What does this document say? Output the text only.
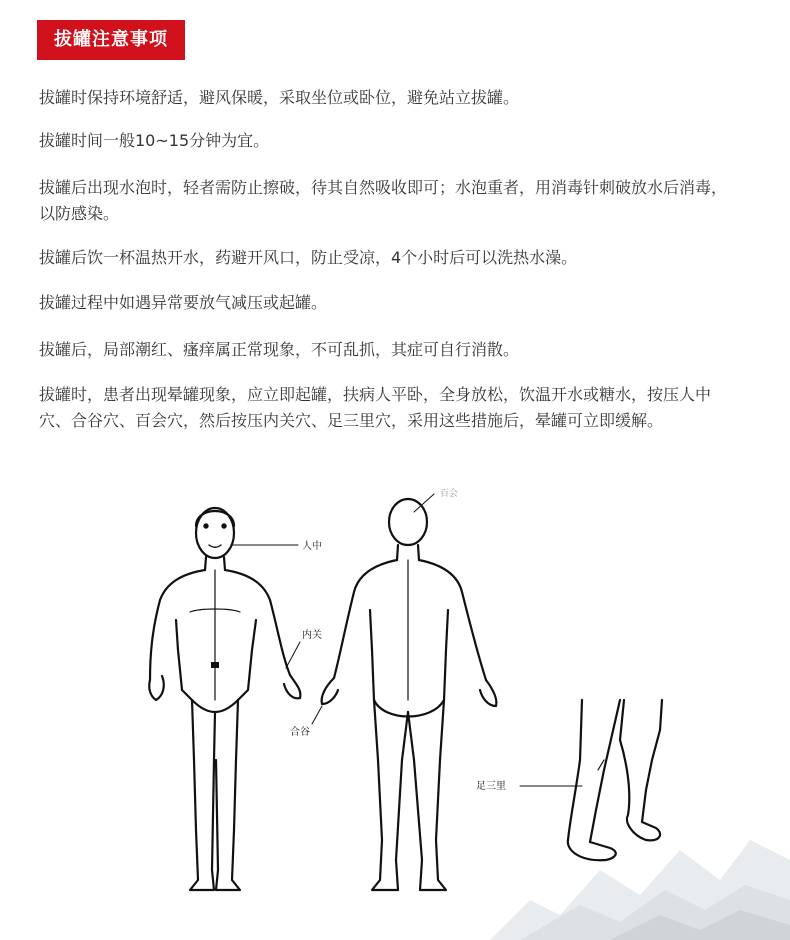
拔罐注意事项
拔罐时保持环境舒适，避风保暖，采取坐位或卧位，避免站立拔罐。
拔罐时间一般10~15分钟为宜。
拔罐后出现水泡时，轻者需防止擦破，待其自然吸收即可；水泡重者，用消毒针刺破放水后消毒，以防感染。
拔罐后饮一杯温热开水，药避开风口，防止受凉，4个小时后可以洗热水澡。
拔罐过程中如遇异常要放气减压或起罐。
拔罐后，局部潮红、瘙痒属正常现象，不可乱抓，其症可自行消散。
拔罐时，患者出现晕罐现象，应立即起罐，扶病人平卧，全身放松，饮温开水或糖水，按压人中穴、合谷穴、百会穴，然后按压内关穴、足三里穴，采用这些措施后，晕罐可立即缓解。
人中
内关
合谷
足三里
百会
